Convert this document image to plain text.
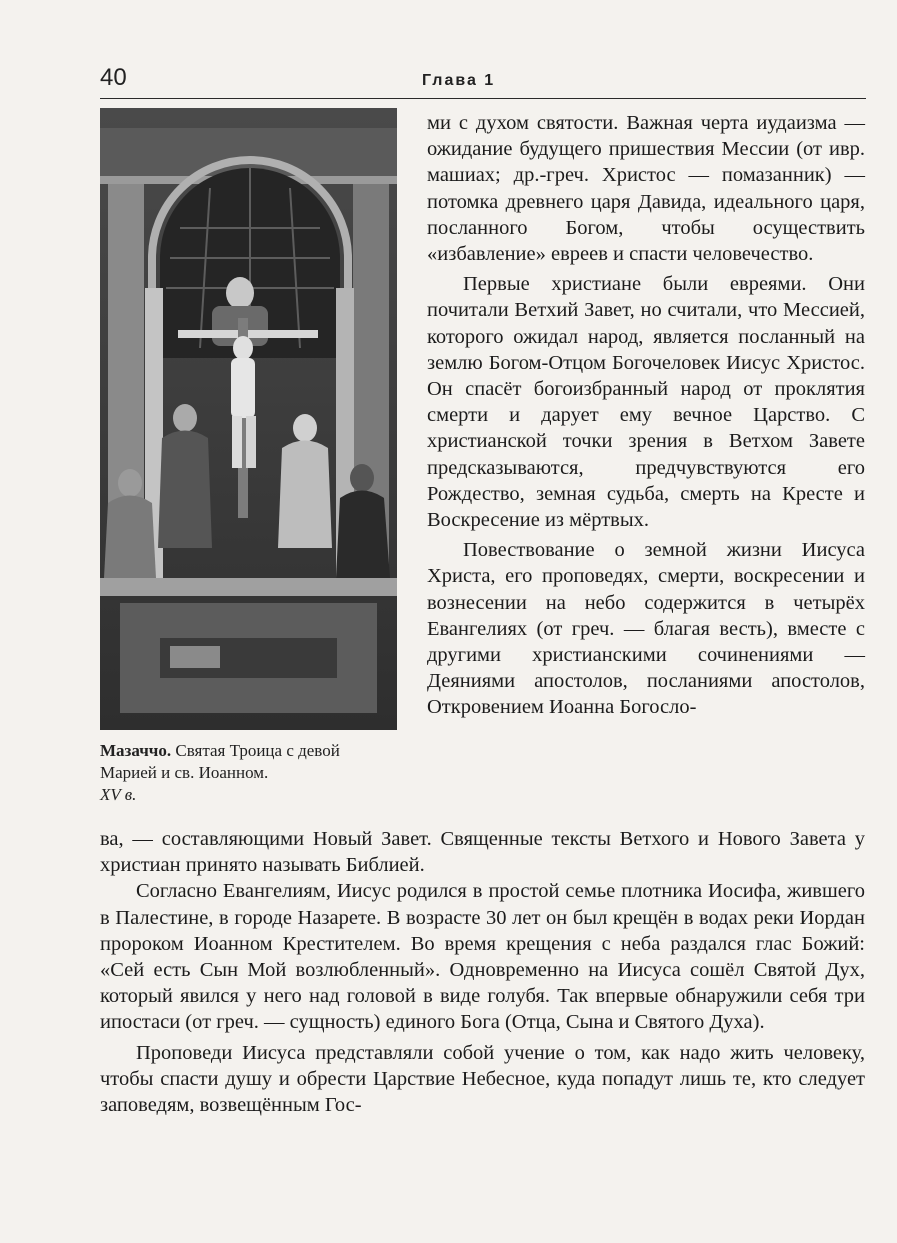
40	Глава 1
Мазаччо. Святая Троица с девой Марией и св. Иоанном.
XV в.

ми с духом святости. Важная черта иудаизма — ожидание будущего пришествия Мессии (от ивр. машиах; др.-греч. Христос — помазанник) — потомка древнего царя Давида, идеального царя, посланного Богом, чтобы осуществить «избавление» евреев и спасти человечество.

Первые христиане были евреями. Они почитали Ветхий Завет, но считали, что Мессией, которого ожидал народ, является посланный на землю Богом-Отцом Богочеловек Иисус Христос. Он спасёт богоизбранный народ от проклятия смерти и дарует ему вечное Царство. С христианской точки зрения в Ветхом Завете предсказываются, предчувствуются его Рождество, земная судьба, смерть на Кресте и Воскресение из мёртвых.

Повествование о земной жизни Иисуса Христа, его проповедях, смерти, воскресении и вознесении на небо содержится в четырёх Евангелиях (от греч. — благая весть), вместе с другими христианскими сочинениями — Деяниями апостолов, посланиями апостолов, Откровением Иоанна Богосло-

ва, — составляющими Новый Завет. Священные тексты Ветхого и Нового Завета у христиан принято называть Библией.

Согласно Евангелиям, Иисус родился в простой семье плотника Иосифа, жившего в Палестине, в городе Назарете. В возрасте 30 лет он был крещён в водах реки Иордан пророком Иоанном Крестителем. Во время крещения с неба раздался глас Божий: «Сей есть Сын Мой возлюбленный». Одновременно на Иисуса сошёл Святой Дух, который явился у него над головой в виде голубя. Так впервые обнаружили себя три ипостаси (от греч. — сущность) единого Бога (Отца, Сына и Святого Духа).

Проповеди Иисуса представляли собой учение о том, как надо жить человеку, чтобы спасти душу и обрести Царствие Небесное, куда попадут лишь те, кто следует заповедям, возвещённым Гос-
